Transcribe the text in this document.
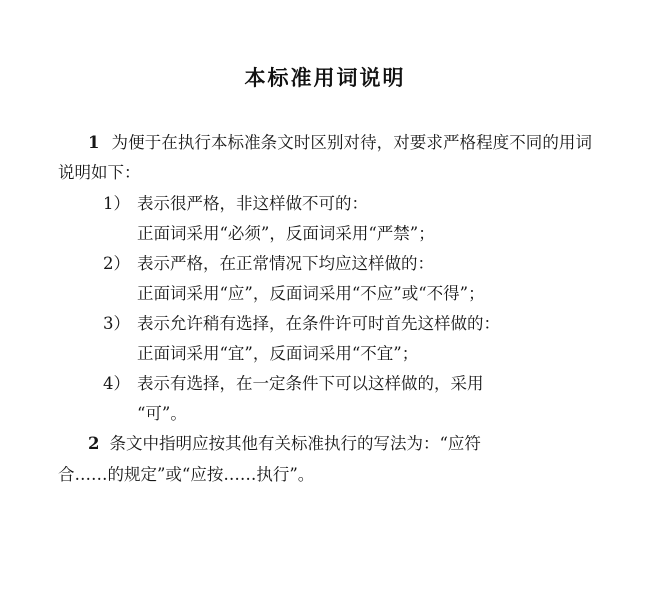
本标准用词说明

1 为便于在执行本标准条文时区别对待，对要求严格程度不同的用词说明如下：

1） 表示很严格，非这样做不可的：
正面词采用“必须”，反面词采用“严禁”；
2） 表示严格，在正常情况下均应这样做的：
正面词采用“应”，反面词采用“不应”或“不得”；
3） 表示允许稍有选择，在条件许可时首先这样做的：
正面词采用“宜”，反面词采用“不宜”；
4） 表示有选择，在一定条件下可以这样做的，采用
“可”。

2 条文中指明应按其他有关标准执行的写法为：“应符

合……的规定”或“应按……执行”。
